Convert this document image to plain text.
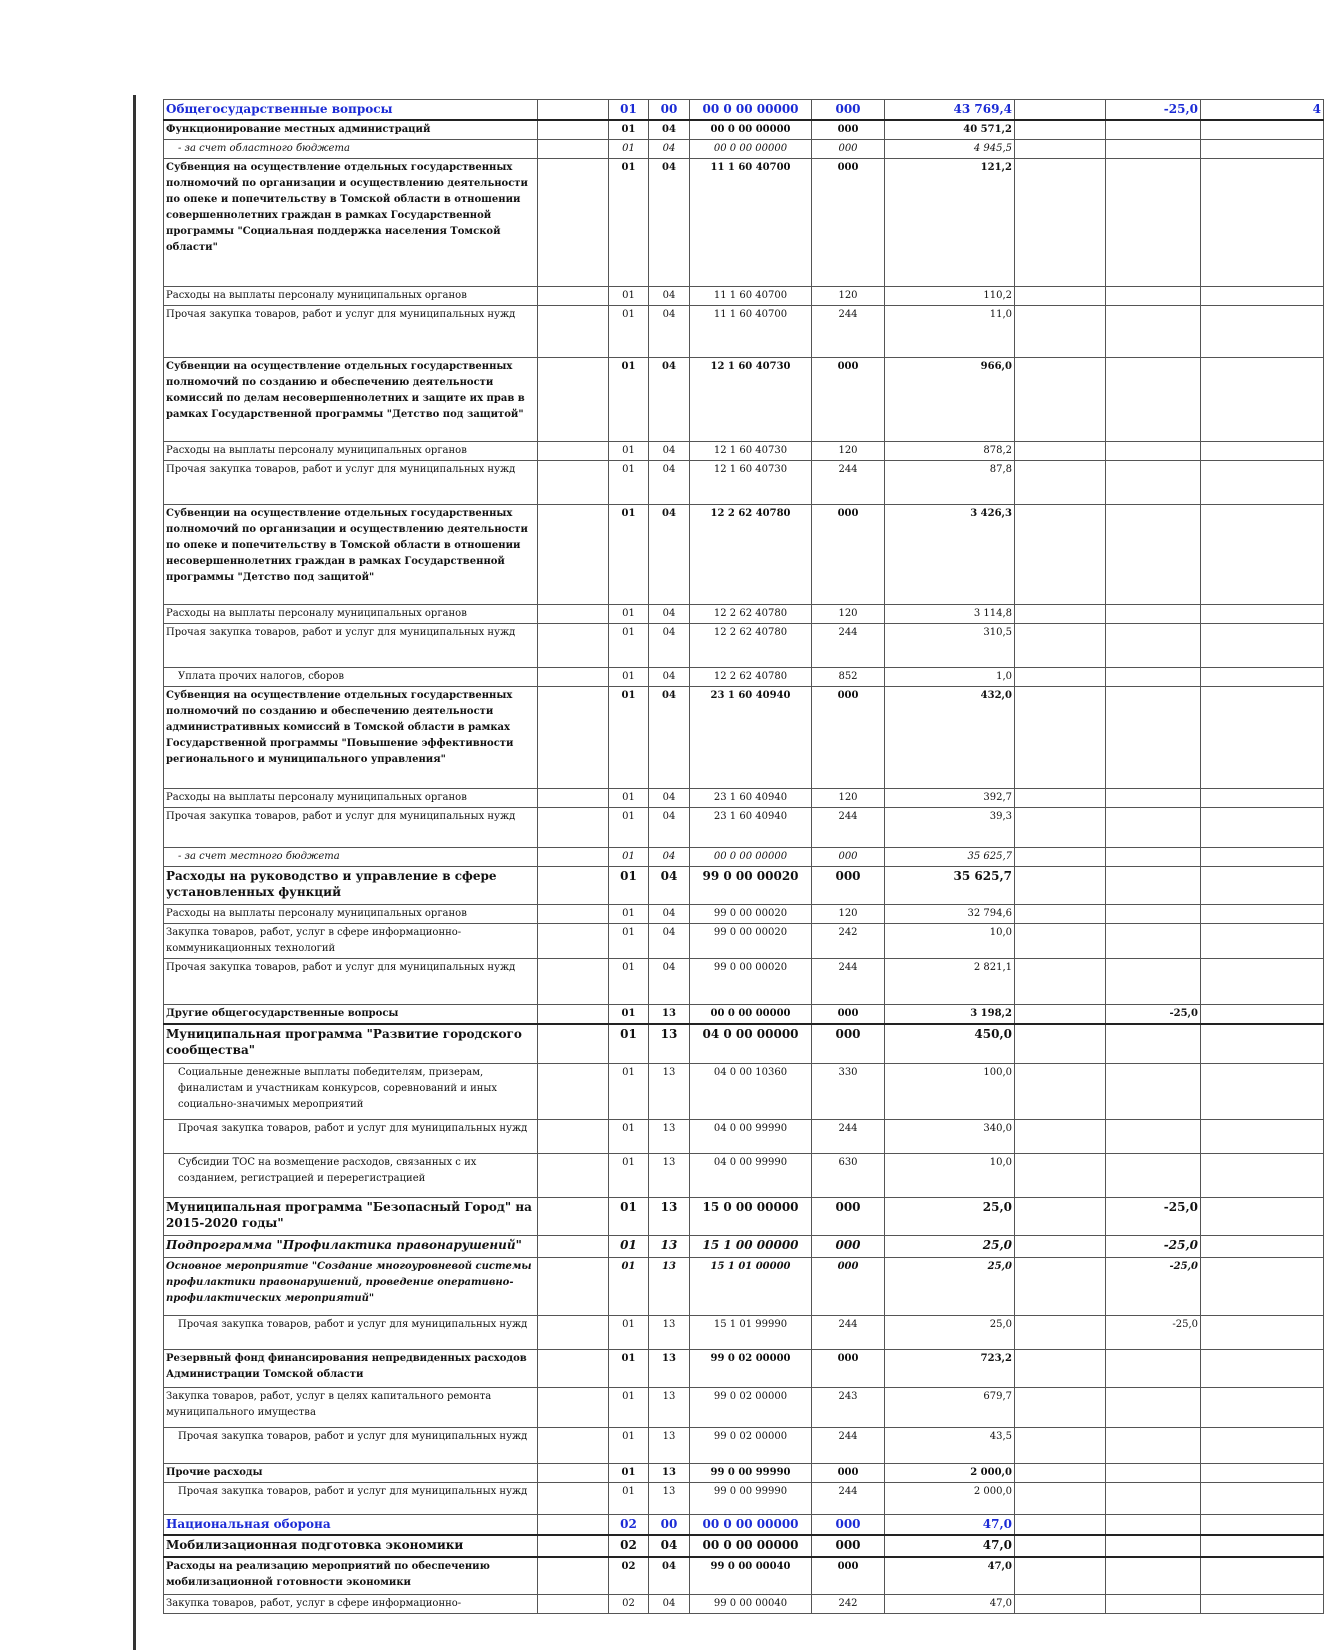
Общегосударственные вопросы		01	00	00 0 00 00000	000	43 769,4		-25,0	4
Функционирование местных администраций		01	04	00 0 00 00000	000	40 571,2			
- за счет областного бюджета		01	04	00 0 00 00000	000	4 945,5			
Субвенция на осуществление отдельных государственных полномочий по организации и осуществлению деятельности по опеке и попечительству в Томской области в отношении совершеннолетних граждан в рамках Государственной программы "Социальная поддержка населения Томской области"		01	04	11 1 60 40700	000	121,2			
Расходы на выплаты персоналу муниципальных органов		01	04	11 1 60 40700	120	110,2			
Прочая закупка товаров, работ и услуг для муниципальных нужд		01	04	11 1 60 40700	244	11,0			
Субвенции на осуществление отдельных государственных полномочий по созданию и обеспечению деятельности комиссий по делам несовершеннолетних и защите их прав в рамках Государственной программы "Детство под защитой"		01	04	12 1 60 40730	000	966,0			
Расходы на выплаты персоналу муниципальных органов		01	04	12 1 60 40730	120	878,2			
Прочая закупка товаров, работ и услуг для муниципальных нужд		01	04	12 1 60 40730	244	87,8			
Субвенции на осуществление отдельных государственных полномочий по организации и осуществлению деятельности по опеке и попечительству в Томской области в отношении несовершеннолетних граждан в рамках Государственной программы "Детство под защитой"		01	04	12 2 62 40780	000	3 426,3			
Расходы на выплаты персоналу муниципальных органов		01	04	12 2 62 40780	120	3 114,8			
Прочая закупка товаров, работ и услуг для муниципальных нужд		01	04	12 2 62 40780	244	310,5			
Уплата прочих налогов, сборов		01	04	12 2 62 40780	852	1,0			
Субвенция на осуществление отдельных государственных полномочий по созданию и обеспечению деятельности административных комиссий в Томской области в рамках Государственной программы "Повышение эффективности регионального и муниципального управления"		01	04	23 1 60 40940	000	432,0			
Расходы на выплаты персоналу муниципальных органов		01	04	23 1 60 40940	120	392,7			
Прочая закупка товаров, работ и услуг для муниципальных нужд		01	04	23 1 60 40940	244	39,3			
- за счет местного бюджета		01	04	00 0 00 00000	000	35 625,7			
Расходы на руководство и управление в сфере установленных функций		01	04	99 0 00 00020	000	35 625,7			
Расходы на выплаты персоналу муниципальных органов		01	04	99 0 00 00020	120	32 794,6			
Закупка товаров, работ, услуг в сфере информационно-коммуникационных технологий		01	04	99 0 00 00020	242	10,0			
Прочая закупка товаров, работ и услуг для муниципальных нужд		01	04	99 0 00 00020	244	2 821,1			
Другие общегосударственные вопросы		01	13	00 0 00 00000	000	3 198,2		-25,0	
Муниципальная программа "Развитие городского сообщества"		01	13	04 0 00 00000	000	450,0			
Социальные денежные выплаты победителям, призерам, финалистам и участникам конкурсов, соревнований и иных социально-значимых мероприятий		01	13	04 0 00 10360	330	100,0			
Прочая закупка товаров, работ и услуг для муниципальных нужд		01	13	04 0 00 99990	244	340,0			
Субсидии ТОС на возмещение расходов, связанных с их созданием, регистрацией и перерегистрацией		01	13	04 0 00 99990	630	10,0			
Муниципальная программа "Безопасный Город" на 2015-2020 годы"		01	13	15 0 00 00000	000	25,0		-25,0	
Подпрограмма "Профилактика правонарушений"		01	13	15 1 00 00000	000	25,0		-25,0	
Основное мероприятие "Создание многоуровневой системы профилактики правонарушений, проведение оперативно-профилактических мероприятий"		01	13	15 1 01 00000	000	25,0		-25,0	
Прочая закупка товаров, работ и услуг для муниципальных нужд		01	13	15 1 01 99990	244	25,0		-25,0	
Резервный фонд финансирования непредвиденных расходов Администрации Томской области		01	13	99 0 02 00000	000	723,2			
Закупка товаров, работ, услуг в целях капитального ремонта муниципального имущества		01	13	99 0 02 00000	243	679,7			
Прочая закупка товаров, работ и услуг для муниципальных нужд		01	13	99 0 02 00000	244	43,5			
Прочие расходы		01	13	99 0 00 99990	000	2 000,0			
Прочая закупка товаров, работ и услуг для муниципальных нужд		01	13	99 0 00 99990	244	2 000,0			
Национальная оборона		02	00	00 0 00 00000	000	47,0			
Мобилизационная подготовка экономики		02	04	00 0 00 00000	000	47,0			
Расходы на реализацию мероприятий по обеспечению мобилизационной готовности экономики		02	04	99 0 00 00040	000	47,0			
Закупка товаров, работ, услуг в сфере информационно-		02	04	99 0 00 00040	242	47,0			
